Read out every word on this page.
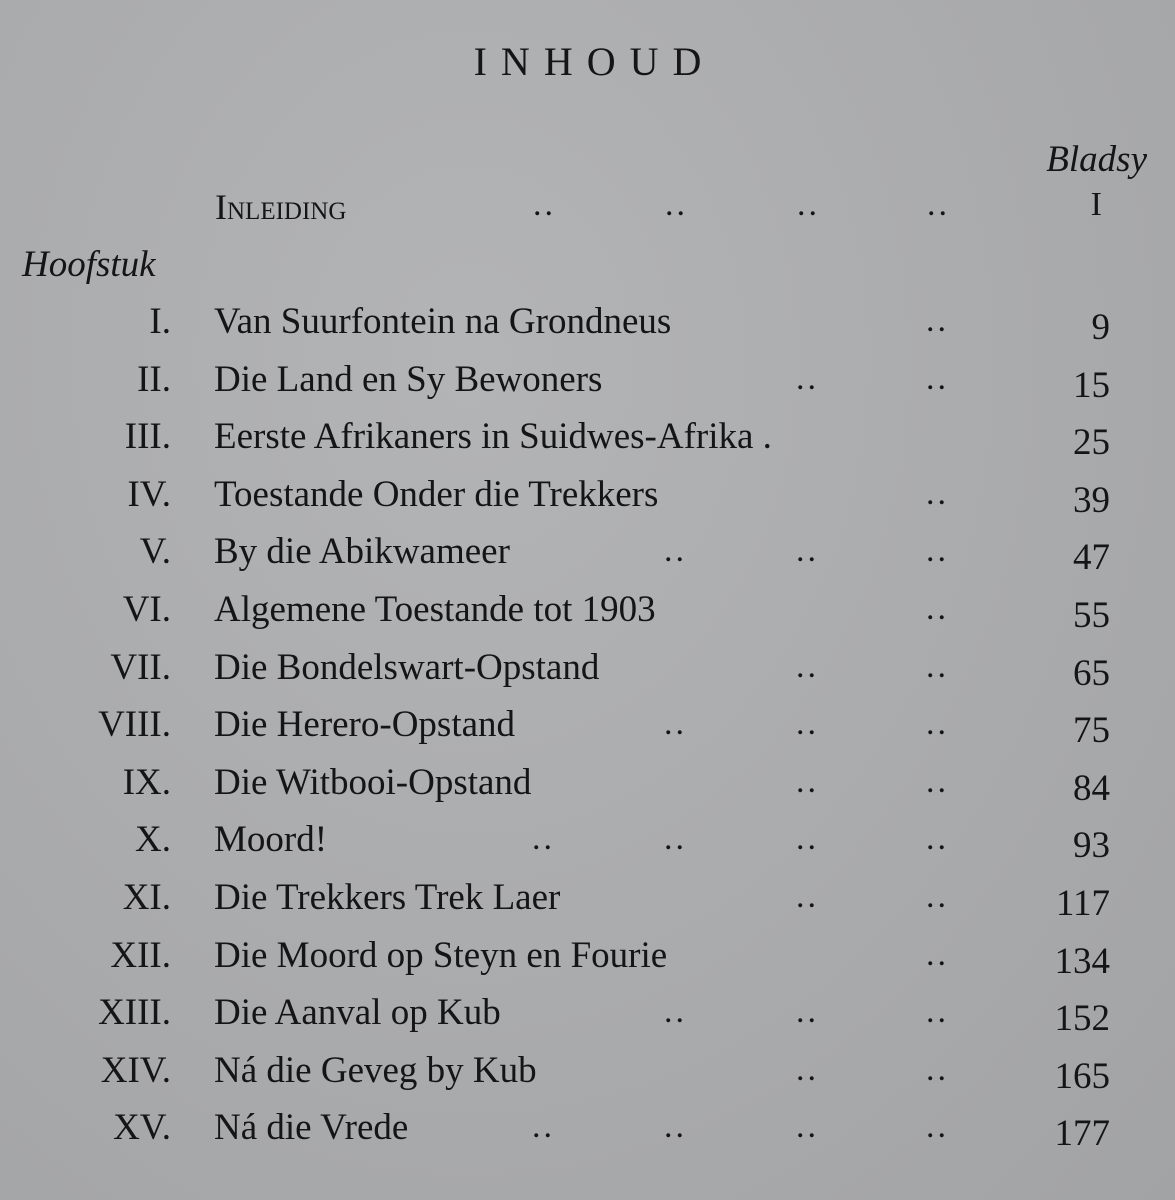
INHOUD
Bladsy
Inleiding	..	..	..	..	I
Hoofstuk
I. Van Suurfontein na Grondneus	..	9
II. Die Land en Sy Bewoners	..	..	15
III. Eerste Afrikaners in Suidwes-Afrika .	25
IV. Toestande Onder die Trekkers	..	39
V. By die Abikwameer	..	..	..	47
VI. Algemene Toestande tot 1903	..	55
VII. Die Bondelswart-Opstand	..	..	65
VIII. Die Herero-Opstand	..	..	..	75
IX. Die Witbooi-Opstand	..	..	84
X. Moord!	..	..	..	..	93
XI. Die Trekkers Trek Laer	..	..	117
XII. Die Moord op Steyn en Fourie	..	134
XIII. Die Aanval op Kub	..	..	..	152
XIV. Ná die Geveg by Kub	..	..	165
XV. Ná die Vrede	..	..	..	..	177
